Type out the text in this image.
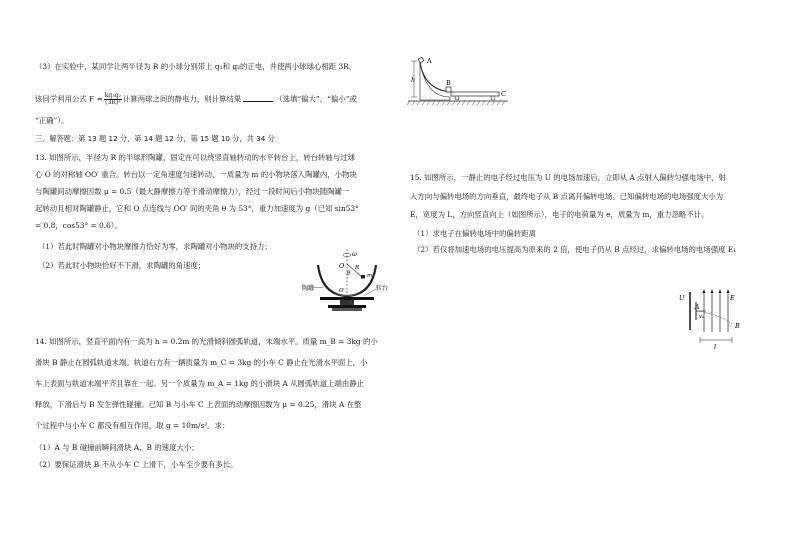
（3）在实验中，某同学让两半径为 R 的小球分别带上 q₁和 q₂的正电，并使两小球球心相距 3R，
该同学利用公式 $F = \frac{\text{kq₁q₂}}{\text{(3R)²}}$ 计算两球之间的静电力，则计算结果	（选填“偏大”、“偏小”或
“正确”）。
三、解答题：第 13 题 12 分，第 14 题 12 分，第 15 题 10 分，共 34 分
13. 如图所示，半径为 R 的半球形陶罐，固定在可以绕竖直轴转动的水平转台上，转台转轴与过球
心 O 的对称轴 OO′ 重合。转台以一定角速度匀速转动，一质量为 m 的小物块落入陶罐内，小物块
与陶罐间动摩擦因数 μ = 0.5（最大静摩擦力等于滑动摩擦力），经过一段时间后小物块随陶罐一
起转动且相对陶罐静止，它和 O 点连线与 OO′ 间的夹角 θ 为 53°，重力加速度为 g（已知 sin53°
= 0.8，cos53° = 0.6）。
（1）若此时陶罐对小物块摩擦力恰好为零，求陶罐对小物块的支持力；
（2）若此时小物块恰好不下滑，求陶罐的角速度；
ω
O
θ
R
m
O′
陶罐	转台
14. 如图所示，竖直平面内有一高为 h = 0.2m 的光滑倾斜圆弧轨道，末端水平。质量 m_B = 3kg 的小
滑块 B 静止在圆弧轨道末端。轨道右方有一辆质量为 m_C = 3kg 的小车 C 静止在光滑水平面上，小
车上表面与轨道末端平齐且靠在一起。另一个质量为 m_A = 1kg 的小滑块 A 从圆弧轨道上端由静止
释放，下滑后与 B 发生弹性碰撞。已知 B 与小车 C 上表面的动摩擦因数为 μ = 0.25，滑块 A 在整
个过程中与小车 C 都没有相互作用，取 g = 10m/s²。求：
（1）A 与 B 碰撞前瞬间滑块 A、B 的速度大小；
（2）要保证滑块 B 不从小车 C 上滑下，小车至少要有多长。
h
A
B
C
15. 如图所示，一静止的电子经过电压为 U 的电场加速后，立即从 A 点射入偏转匀强电场中，射
入方向与偏转电场的方向垂直，最终电子从 B 点离开偏转电场。已知偏转电场的电场强度大小为
E，宽度为 L，方向竖直向上（如图所示），电子的电荷量为 e，质量为 m，重力忽略不计。
（1）求电子在偏转电场中的偏转距离
（2）若仅将加速电场的电压提高为原来的 2 倍，使电子仍从 B 点经过，求偏转电场的电场强度 E₁
U	E
A
v₀
B
l
